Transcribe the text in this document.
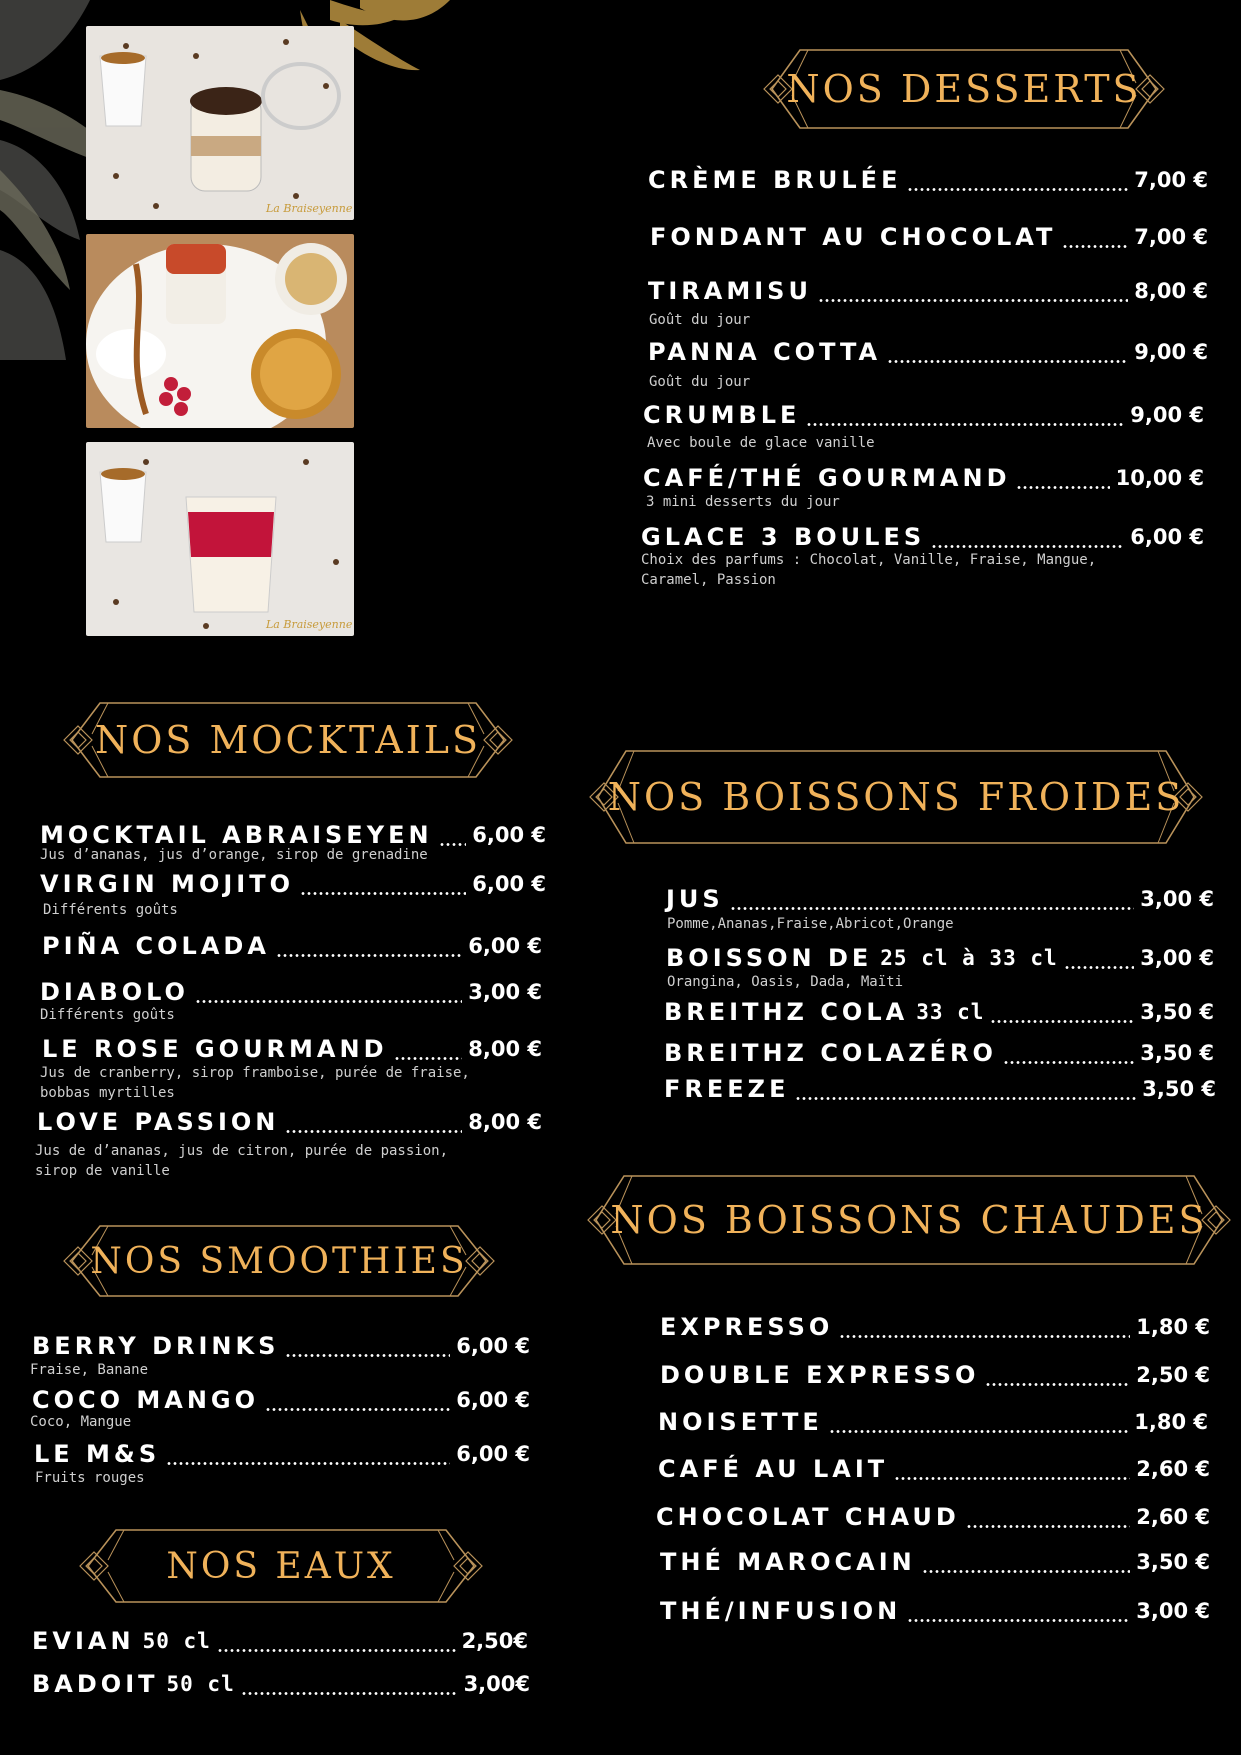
La Braiseyenne
La Braiseyenne
NOS DESSERTS
NOS MOCKTAILS
NOS BOISSONS FROIDES
NOS BOISSONS CHAUDES
NOS SMOOTHIES
NOS EAUX
CRÈME BRULÉE	7,00 €
FONDANT AU CHOCOLAT	7,00 €
TIRAMISU	8,00 €
Goût du jour
PANNA COTTA	9,00 €
Goût du jour
CRUMBLE	9,00 €
Avec boule de glace vanille
CAFÉ/THÉ GOURMAND	10,00 €
3 mini desserts du jour
GLACE 3 BOULES	6,00 €
Choix des parfums : Chocolat, Vanille, Fraise, Mangue,
Caramel, Passion
MOCKTAIL ABRAISEYEN 6,00 €
Jus d’ananas, jus d’orange, sirop de grenadine
VIRGIN MOJITO	6,00 €
Différents goûts
PIÑA COLADA	6,00 €
DIABOLO	3,00 €
Différents goûts
LE ROSE GOURMAND	8,00 €
Jus de cranberry, sirop framboise, purée de fraise,
bobbas myrtilles
LOVE PASSION	8,00 €
Jus de d’ananas, jus de citron, purée de passion,
sirop de vanille
BERRY DRINKS	6,00 €
Fraise, Banane
COCO MANGO	6,00 €
Coco, Mangue
LE M&S	6,00 €
Fruits rouges
EVIAN 50 cl	2,50€
BADOIT 50 cl	3,00€
JUS	3,00 €
Pomme,Ananas,Fraise,Abricot,Orange
BOISSON DE 25 cl à 33 cl	3,00 €
Orangina, Oasis, Dada, Maïti
BREITHZ COLA 33 cl	3,50 €
BREITHZ COLAZÉRO	3,50 €
FREEZE	3,50 €
EXPRESSO	1,80 €
DOUBLE EXPRESSO	2,50 €
NOISETTE	1,80 €
CAFÉ AU LAIT	2,60 €
CHOCOLAT CHAUD	2,60 €
THÉ MAROCAIN	3,50 €
THÉ/INFUSION	3,00 €
